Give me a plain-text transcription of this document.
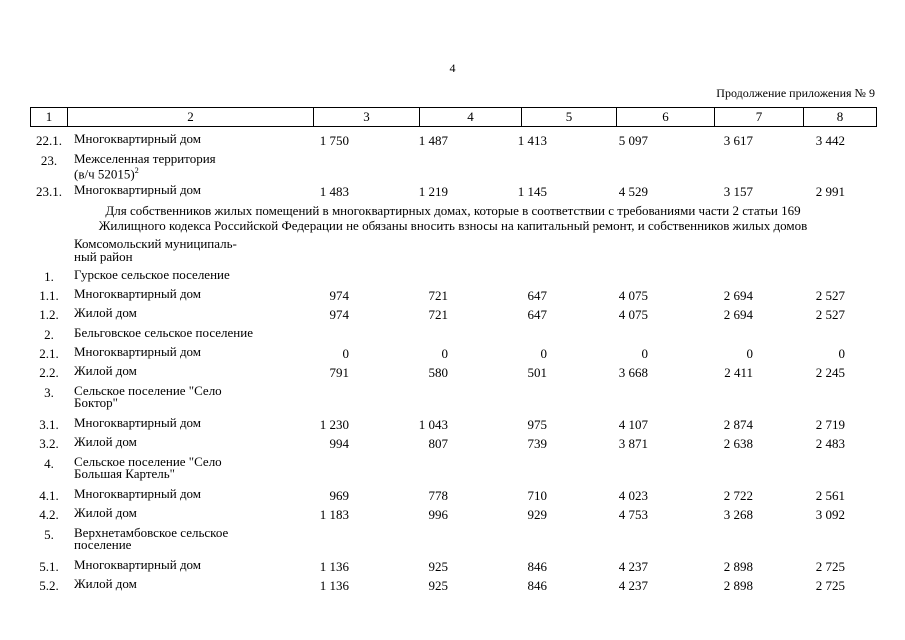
4
Продолжение приложения № 9
1	2	3	4	5	6	7	8
22.1. Многоквартирный дом	1 750	1 487	1 413	5 097	3 617	3 442
23.	Межселенная территория
(в/ч 52015)$^2$
23.1. Многоквартирный дом	1 483	1 219	1 145	4 529	3 157	2 991
Для собственников жилых помещений в многоквартирных домах, которые в соответствии с требованиями части 2 статьи 169
Жилищного кодекса Российской Федерации не обязаны вносить взносы на капитальный ремонт, и собственников жилых домов
Комсомольский муниципаль-
ный район
1.	Гурское сельское поселение
1.1.	Многоквартирный дом	974	721	647	4 075	2 694	2 527
1.2.	Жилой дом	974	721	647	4 075	2 694	2 527
2.	Бельговское сельское поселение
2.1.	Многоквартирный дом	0	0	0	0	0	0
2.2.	Жилой дом	791	580	501	3 668	2 411	2 245
3.	Сельское поселение "Село
Боктор"
3.1.	Многоквартирный дом	1 230	1 043	975	4 107	2 874	2 719
3.2.	Жилой дом	994	807	739	3 871	2 638	2 483
4.	Сельское поселение "Село
Большая Картель"
4.1.	Многоквартирный дом	969	778	710	4 023	2 722	2 561
4.2.	Жилой дом	1 183	996	929	4 753	3 268	3 092
5.	Верхнетамбовское сельское
поселение
5.1.	Многоквартирный дом	1 136	925	846	4 237	2 898	2 725
5.2.	Жилой дом	1 136	925	846	4 237	2 898	2 725
